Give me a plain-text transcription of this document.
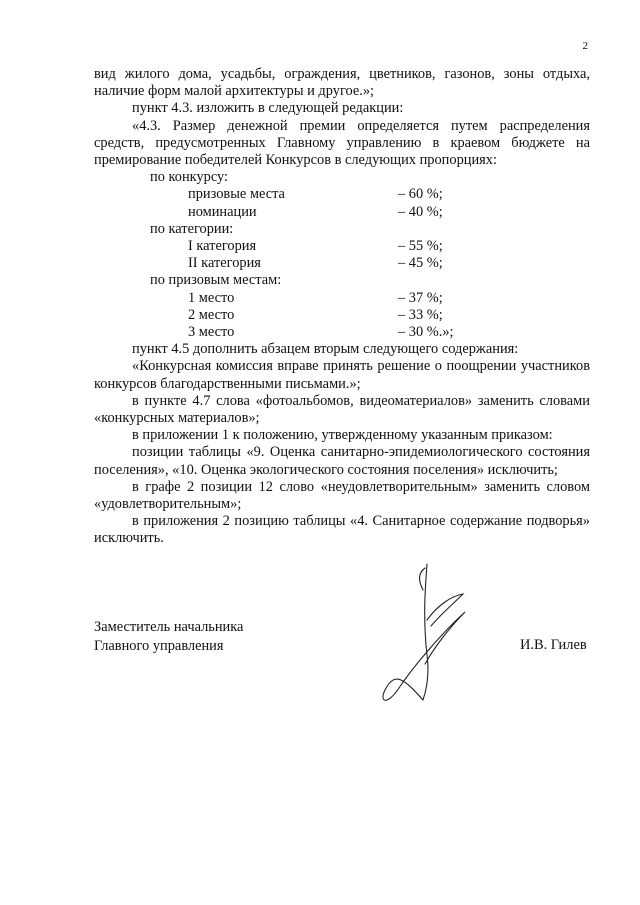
2

вид жилого дома, усадьбы, ограждения, цветников, газонов, зоны отдыха, наличие форм малой архитектуры и другое.»;

пункт 4.3. изложить в следующей редакции:

«4.3. Размер денежной премии определяется путем распределения средств, предусмотренных Главному управлению в краевом бюджете на премирование победителей Конкурсов в следующих пропорциях:

по конкурсу:
призовые места	– 60 %;
номинации	– 40 %;
по категории:
I категория	– 55 %;
II категория	– 45 %;
по призовым местам:
1 место	– 37 %;
2 место	– 33 %;
3 место	– 30 %.»;

пункт 4.5 дополнить абзацем вторым следующего содержания:

«Конкурсная комиссия вправе принять решение о поощрении участников конкурсов благодарственными письмами.»;

в пункте 4.7 слова «фотоальбомов, видеоматериалов» заменить словами «конкурсных материалов»;

в приложении 1 к положению, утвержденному указанным приказом:

позиции таблицы «9. Оценка санитарно-эпидемиологического состояния поселения», «10. Оценка экологического состояния поселения» исключить;

в графе 2 позиции 12 слово «неудовлетворительным» заменить словом «удовлетворительным»;

в приложения 2 позицию таблицы «4. Санитарное содержание подворья» исключить.

Заместитель начальника
Главного управления	И.В. Гилев
